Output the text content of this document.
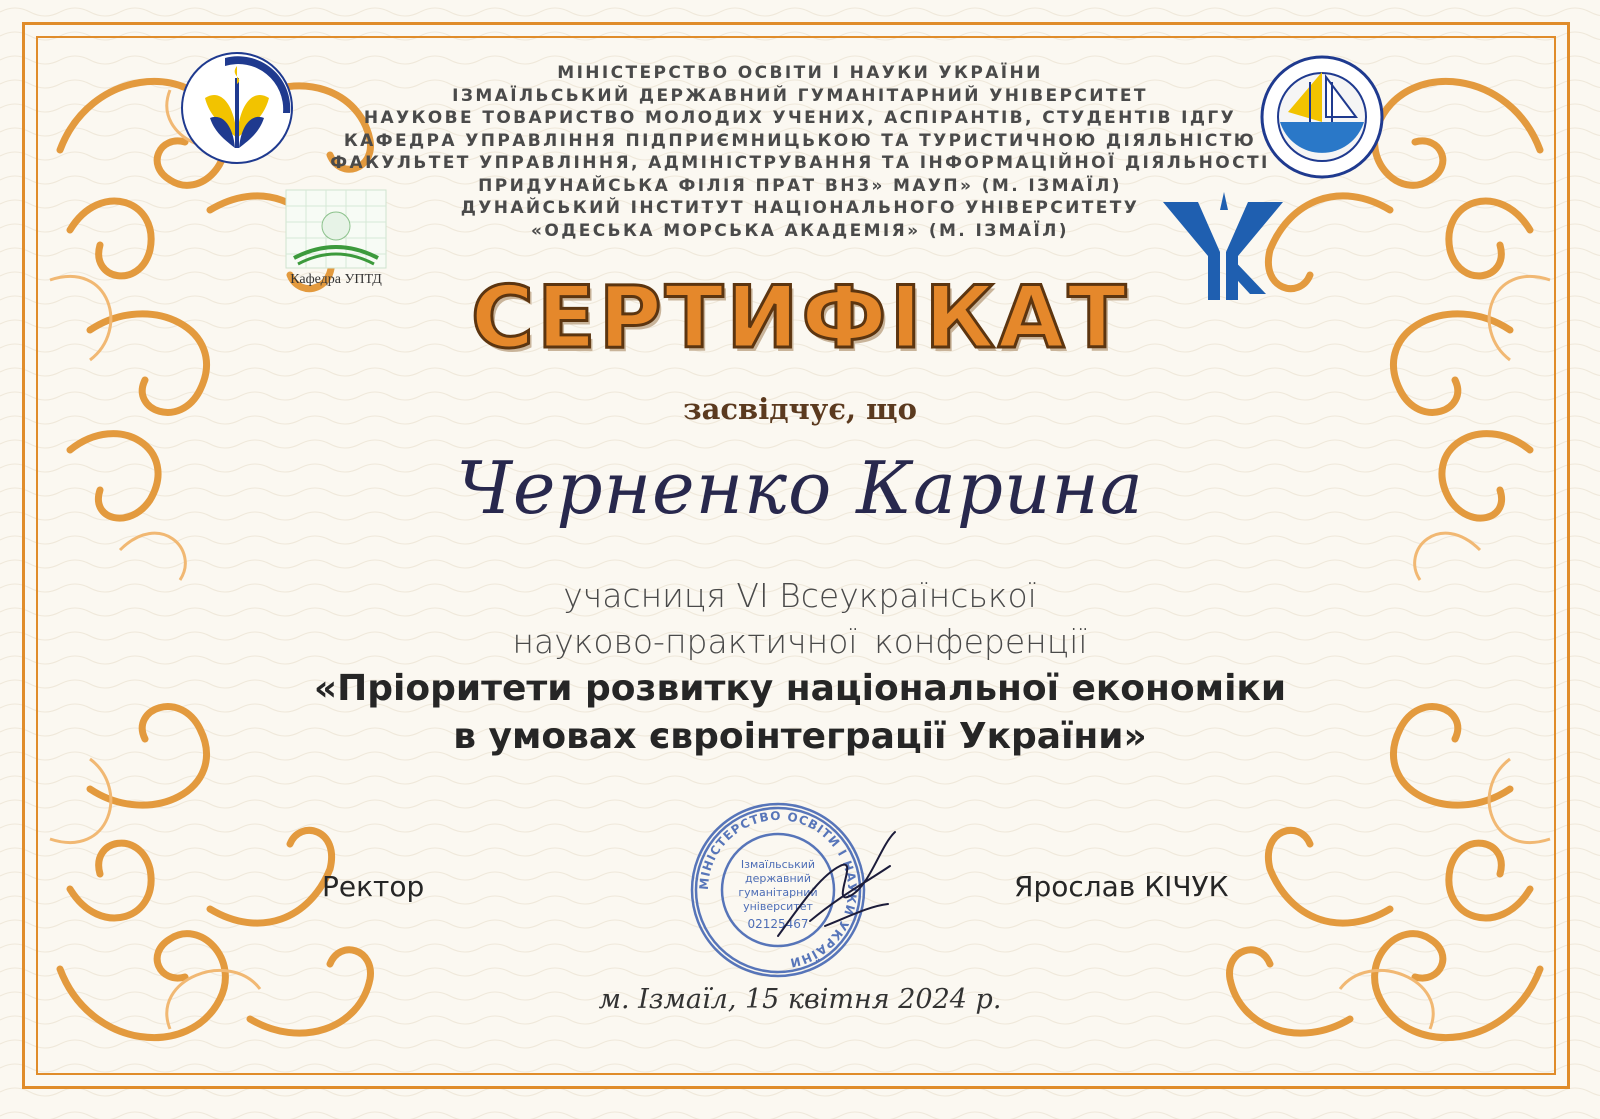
Кафедра УПТД
МІНІСТЕРСТВО ОСВІТИ І НАУКИ УКРАЇНИ
ІЗМАЇЛЬСЬКИЙ ДЕРЖАВНИЙ ГУМАНІТАРНИЙ УНІВЕРСИТЕТ
НАУКОВЕ ТОВАРИСТВО МОЛОДИХ УЧЕНИХ, АСПІРАНТІВ, СТУДЕНТІВ ІДГУ
КАФЕДРА УПРАВЛІННЯ ПІДПРИЄМНИЦЬКОЮ ТА ТУРИСТИЧНОЮ ДІЯЛЬНІСТЮ
ФАКУЛЬТЕТ УПРАВЛІННЯ, АДМІНІСТРУВАННЯ ТА ІНФОРМАЦІЙНОЇ ДІЯЛЬНОСТІ
ПРИДУНАЙСЬКА ФІЛІЯ ПРАТ ВНЗ» МАУП» (М. ІЗМАЇЛ)
ДУНАЙСЬКИЙ ІНСТИТУТ НАЦІОНАЛЬНОГО УНІВЕРСИТЕТУ
«ОДЕСЬКА МОРСЬКА АКАДЕМІЯ» (М. ІЗМАЇЛ)
СЕРТИФІКАТ
засвідчує, що
Черненко Карина
учасниця VI Всеукраїнської
науково-практичної конференції
«Пріоритети розвитку національної економіки
в умовах євроінтеграції України»
Ректор	Ярослав КІЧУК
МІНІСТЕРСТВО ОСВІТИ І НАУКИ УКРАЇНИ
Ізмаїльський
державний
гуманітарний
університет
02125467
м. Ізмаїл, 15 квітня 2024 р.
